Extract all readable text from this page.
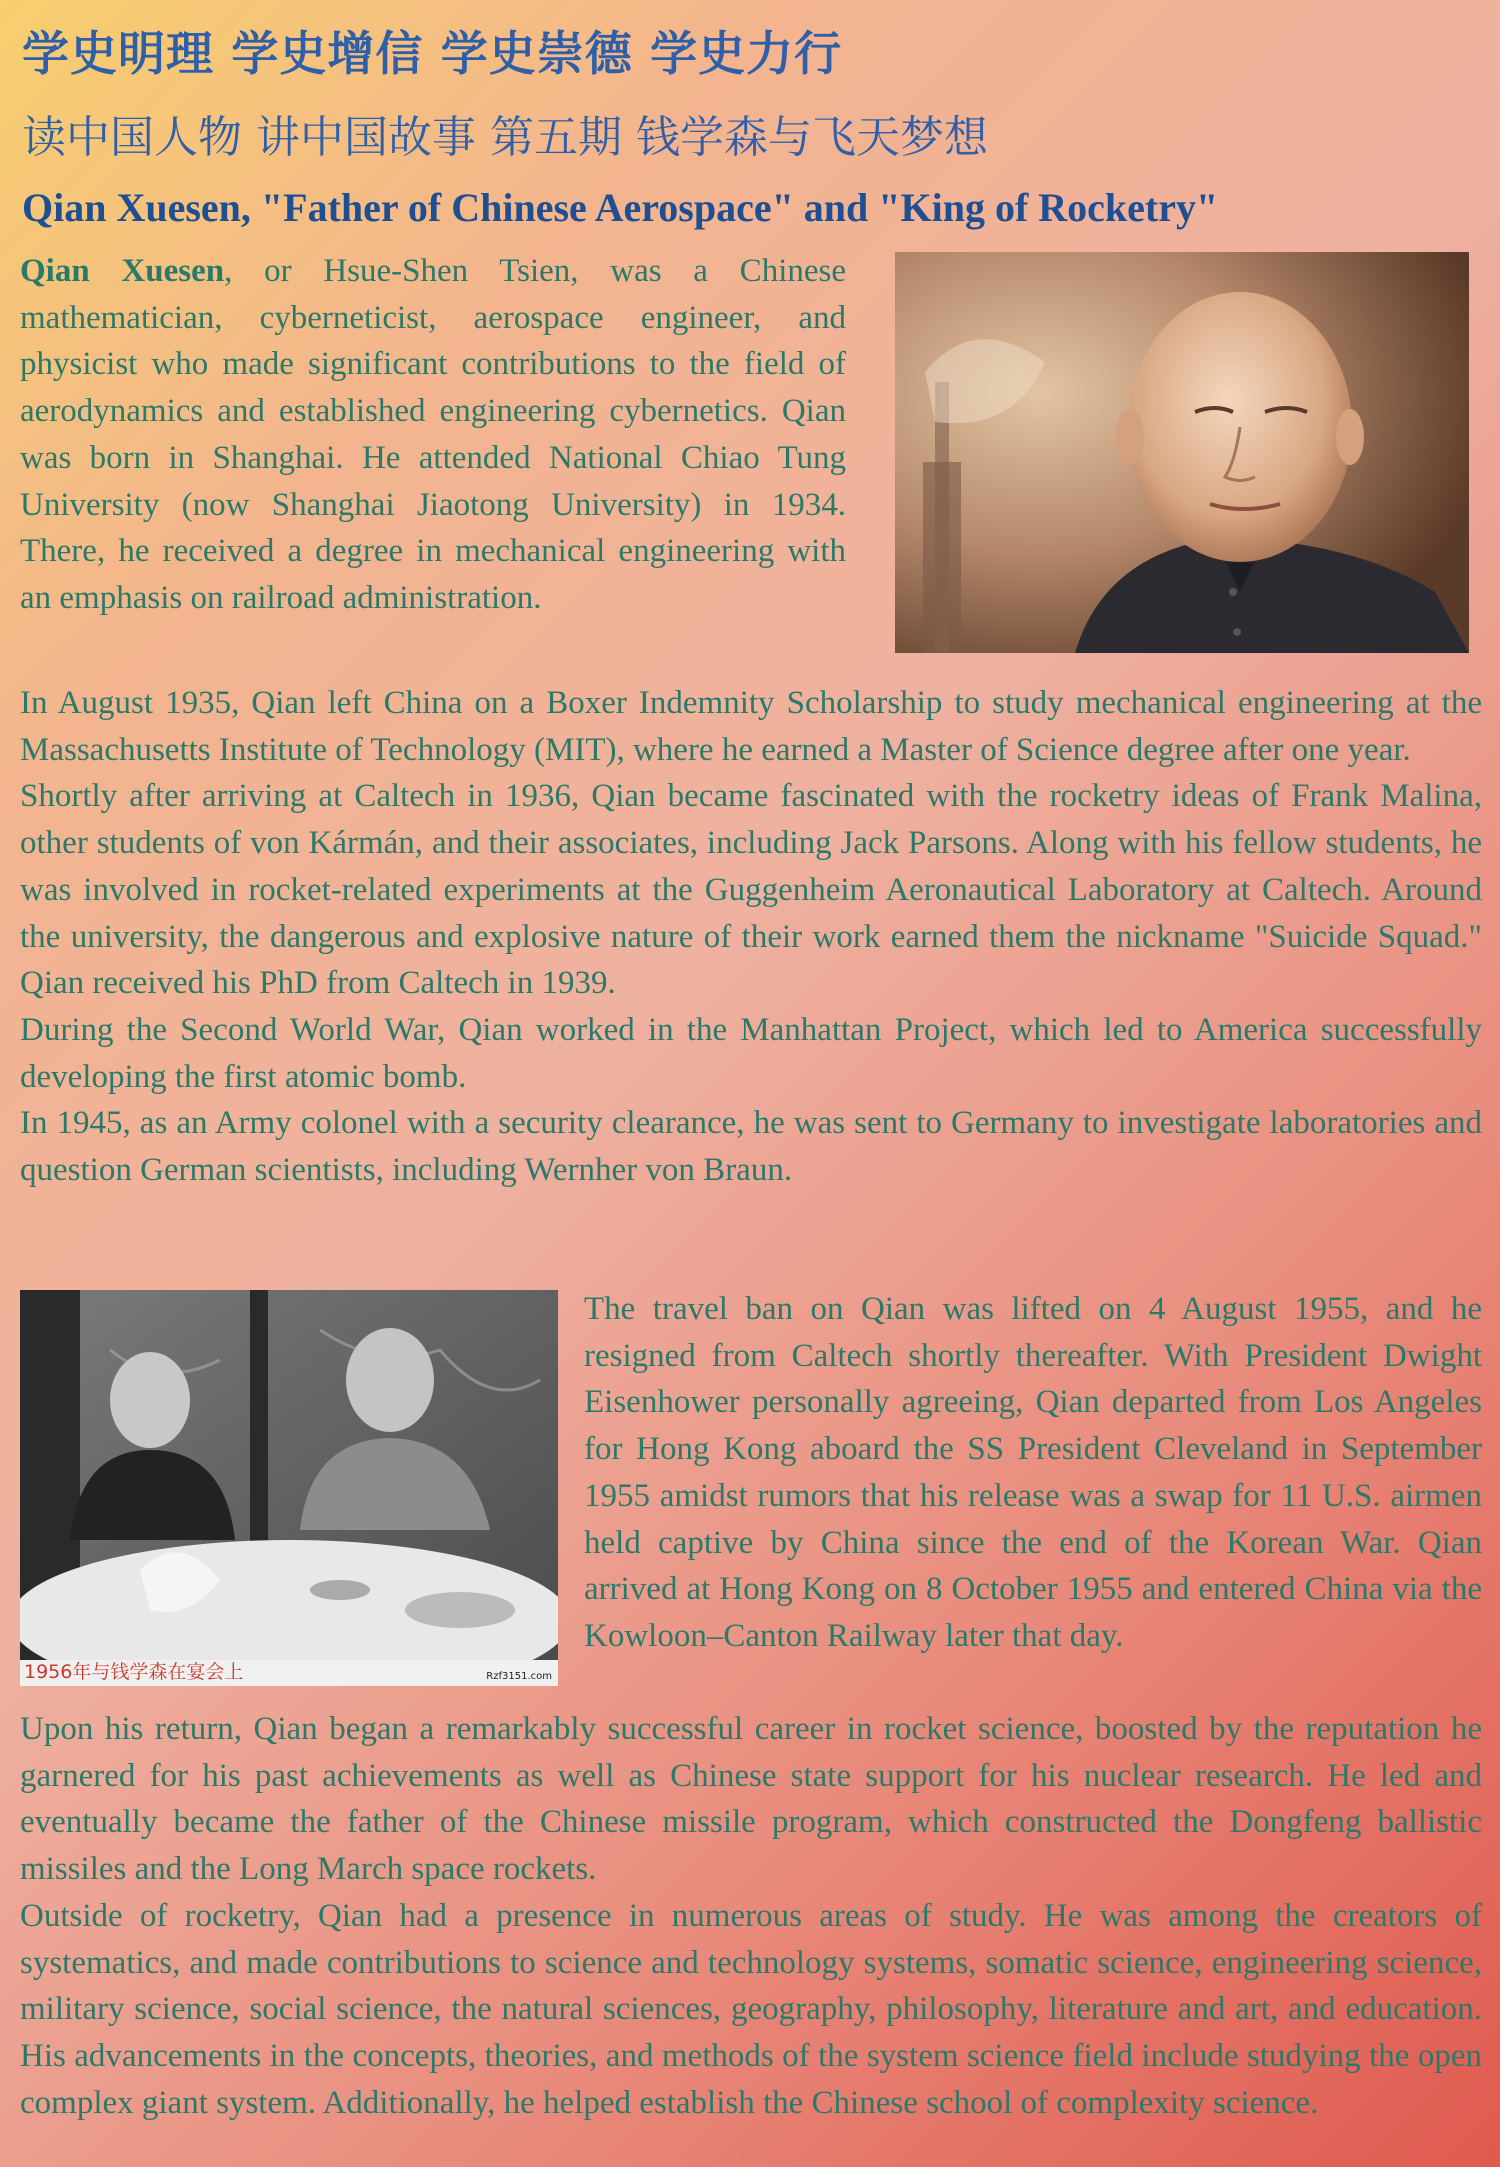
学史明理 学史增信 学史崇德 学史力行
读中国人物 讲中国故事 第五期 钱学森与飞天梦想
Qian Xuesen, "Father of Chinese Aerospace" and "King of Rocketry"
Qian Xuesen, or Hsue-Shen Tsien, was a Chinese mathematician, cyberneticist, aerospace engineer, and physicist who made significant contributions to the field of aerodynamics and established engineering cybernetics. Qian was born in Shanghai. He attended National Chiao Tung University (now Shanghai Jiaotong University) in 1934. There, he received a degree in mechanical engineering with an emphasis on railroad administration.

In August 1935, Qian left China on a Boxer Indemnity Scholarship to study mechanical engineering at the Massachusetts Institute of Technology (MIT), where he earned a Master of Science degree after one year.

Shortly after arriving at Caltech in 1936, Qian became fascinated with the rocketry ideas of Frank Malina, other students of von Kármán, and their associates, including Jack Parsons. Along with his fellow students, he was involved in rocket-related experiments at the Guggenheim Aeronautical Laboratory at Caltech. Around the university, the dangerous and explosive nature of their work earned them the nickname "Suicide Squad." Qian received his PhD from Caltech in 1939.

During the Second World War, Qian worked in the Manhattan Project, which led to America successfully developing the first atomic bomb.

In 1945, as an Army colonel with a security clearance, he was sent to Germany to investigate laboratories and question German scientists, including Wernher von Braun.

1956年与钱学森在宴会上	Rzf3151.com
The travel ban on Qian was lifted on 4 August 1955, and he resigned from Caltech shortly thereafter. With President Dwight Eisenhower personally agreeing, Qian departed from Los Angeles for Hong Kong aboard the SS President Cleveland in September 1955 amidst rumors that his release was a swap for 11 U.S. airmen held captive by China since the end of the Korean War. Qian arrived at Hong Kong on 8 October 1955 and entered China via the Kowloon–Canton Railway later that day.

Upon his return, Qian began a remarkably successful career in rocket science, boosted by the reputation he garnered for his past achievements as well as Chinese state support for his nuclear research. He led and eventually became the father of the Chinese missile program, which constructed the Dongfeng ballistic missiles and the Long March space rockets.

Outside of rocketry, Qian had a presence in numerous areas of study. He was among the creators of systematics, and made contributions to science and technology systems, somatic science, engineering science, military science, social science, the natural sciences, geography, philosophy, literature and art, and education. His advancements in the concepts, theories, and methods of the system science field include studying the open complex giant system. Additionally, he helped establish the Chinese school of complexity science.
